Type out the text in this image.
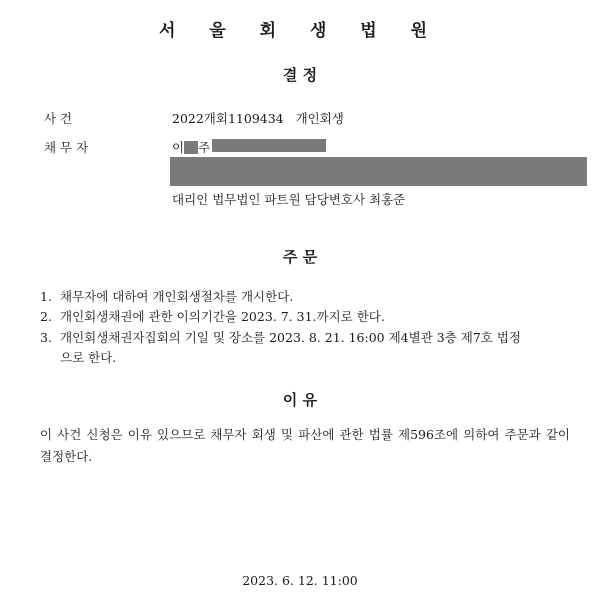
서 울 회 생 법 원
결 정
사 건	2022개회1109434 개인회생
채 무 자	이 주
대리인 법무법인 파트원 담당변호사 최홍준
주 문
1. 채무자에 대하여 개인회생절차를 개시한다.
2. 개인회생채권에 관한 이의기간을 2023. 7. 31.까지로 한다.
3. 개인회생채권자집회의 기일 및 장소를 2023. 8. 21. 16:00 제4별관 3층 제7호 법정
으로 한다.
이 유
이 사건 신청은 이유 있으므로 채무자 회생 및 파산에 관한 법률 제596조에 의하여 주문과 같이 결정한다.
2023. 6. 12. 11:00
